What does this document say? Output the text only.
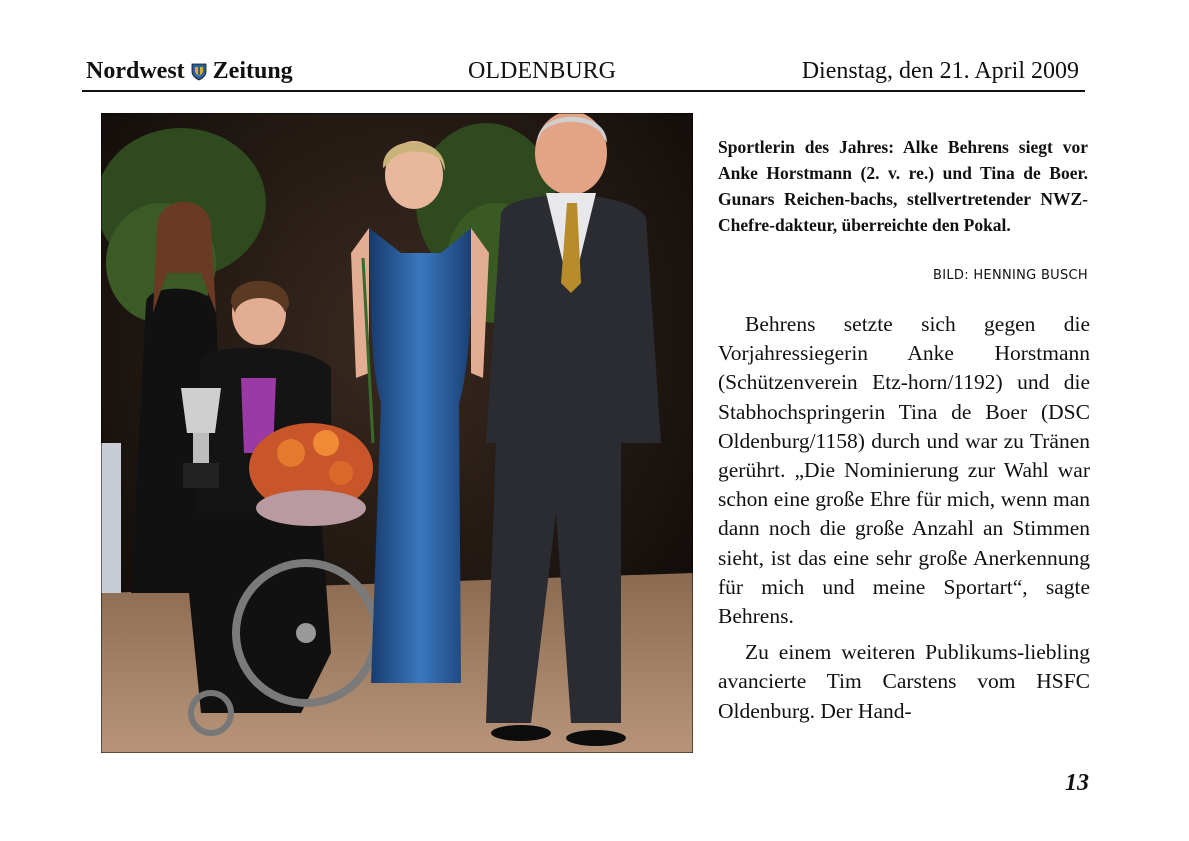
Nordwest Zeitung	OLDENBURG	Dienstag, den 21. April 2009
Sportlerin des Jahres: Alke Behrens siegt vor Anke Horstmann (2. v. re.) und Tina de Boer. Gunars Reichen-bachs, stellvertretender NWZ-Chefre-dakteur, überreichte den Pokal.
BILD: HENNING BUSCH

Behrens setzte sich gegen die Vorjahressiegerin Anke Horstmann (Schützenverein Etz-horn/1192) und die Stabhochspringerin Tina de Boer (DSC Oldenburg/1158) durch und war zu Tränen gerührt. „Die Nominierung zur Wahl war schon eine große Ehre für mich, wenn man dann noch die große Anzahl an Stimmen sieht, ist das eine sehr große Anerkennung für mich und meine Sportart“, sagte Behrens.

Zu einem weiteren Publikums-liebling avancierte Tim Carstens vom HSFC Oldenburg. Der Hand-

13
